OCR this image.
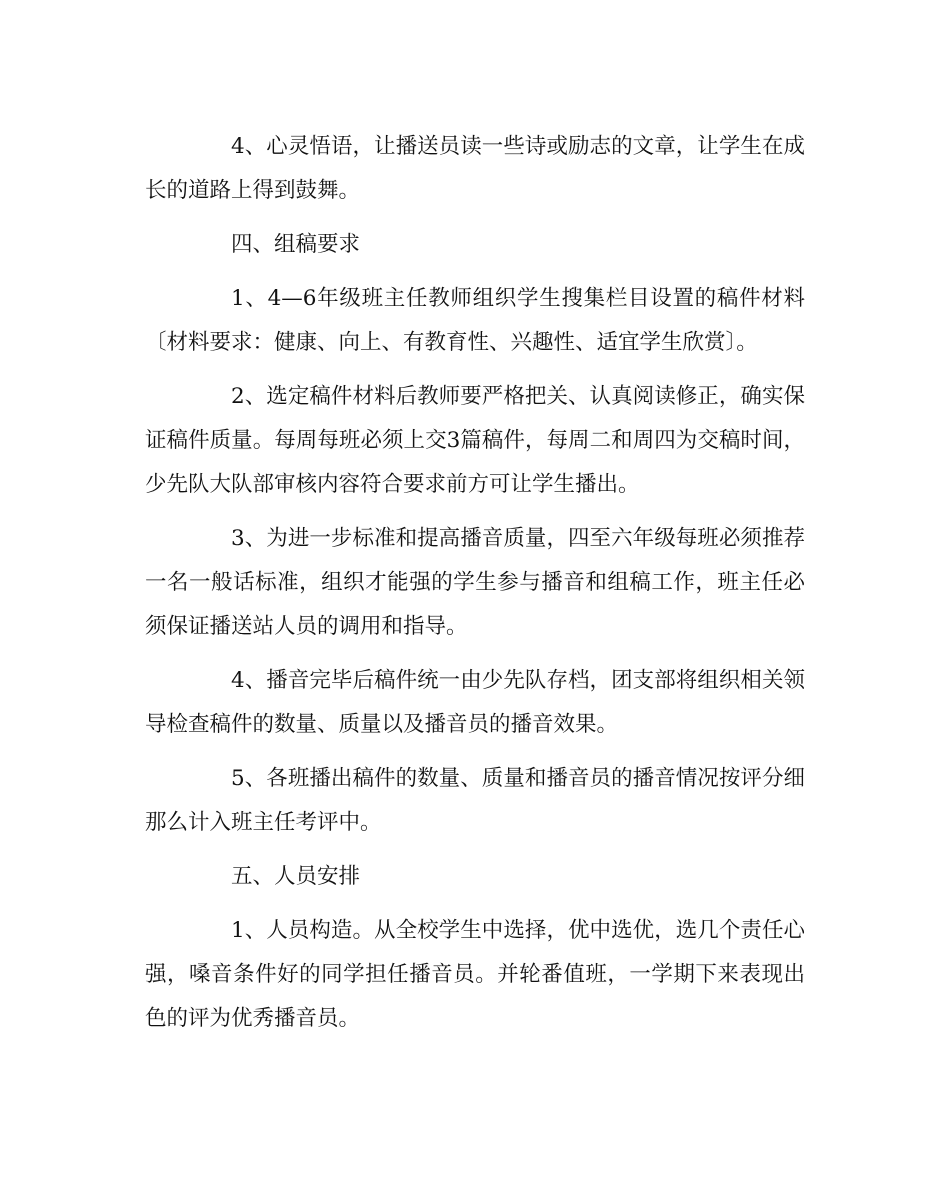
4、心灵悟语，让播送员读一些诗或励志的文章，让学生在成长的道路上得到鼓舞。

四、组稿要求

1、4—6年级班主任教师组织学生搜集栏目设置的稿件材料〔材料要求：健康、向上、有教育性、兴趣性、适宜学生欣赏〕。

2、选定稿件材料后教师要严格把关、认真阅读修正，确实保证稿件质量。每周每班必须上交3篇稿件，每周二和周四为交稿时间，少先队大队部审核内容符合要求前方可让学生播出。

3、为进一步标准和提高播音质量，四至六年级每班必须推荐一名一般话标准，组织才能强的学生参与播音和组稿工作，班主任必须保证播送站人员的调用和指导。

4、播音完毕后稿件统一由少先队存档，团支部将组织相关领导检查稿件的数量、质量以及播音员的播音效果。

5、各班播出稿件的数量、质量和播音员的播音情况按评分细那么计入班主任考评中。

五、人员安排

1、人员构造。从全校学生中选择，优中选优，选几个责任心强，嗓音条件好的同学担任播音员。并轮番值班，一学期下来表现出色的评为优秀播音员。
